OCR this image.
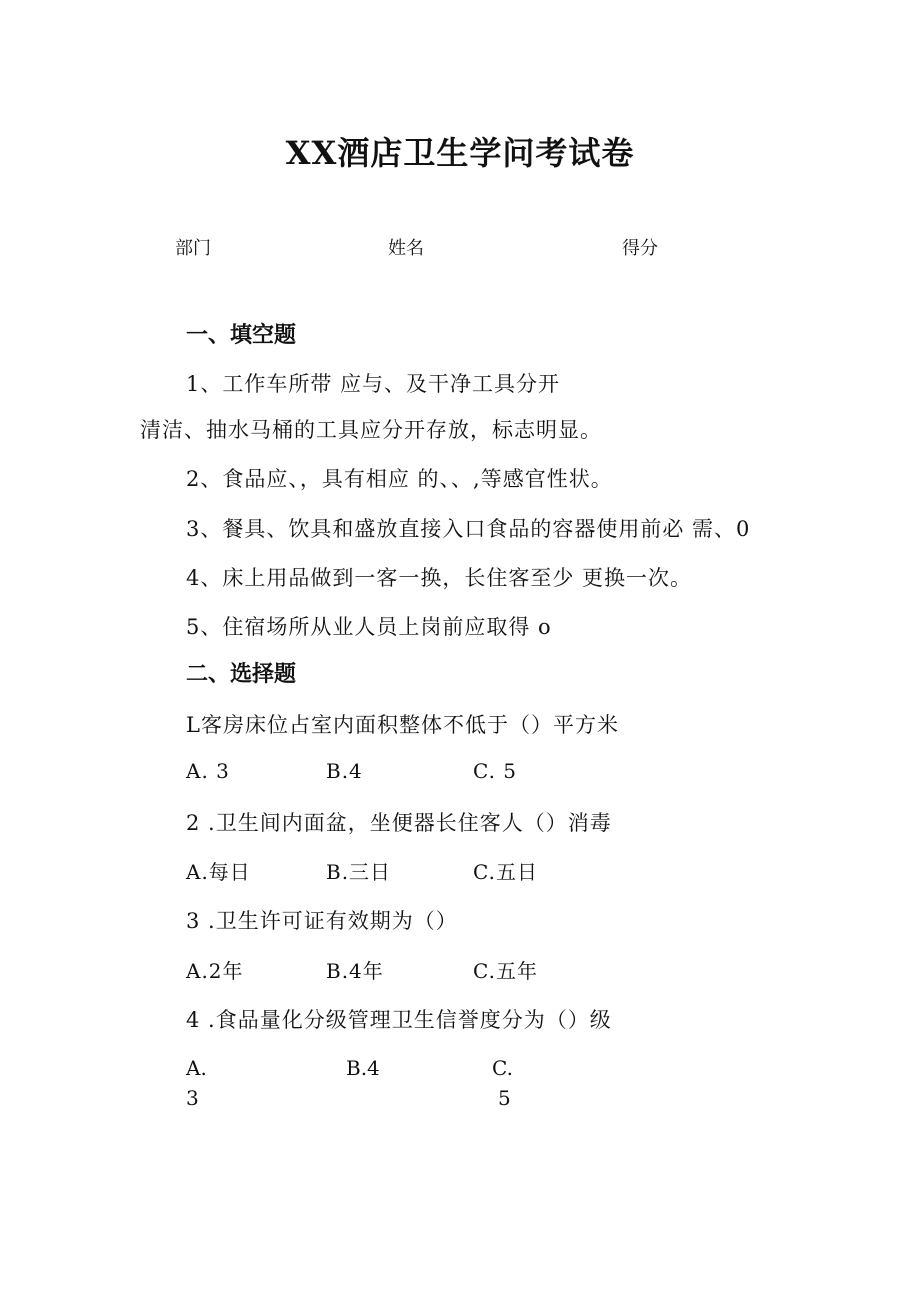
XX酒店卫生学问考试卷
部门	姓名	得分
一、填空题
1、工作车所带 应与、及干净工具分开
清洁、抽水马桶的工具应分开存放，标志明显。
2、食品应、，具有相应 的、、,等感官性状。
3、餐具、饮具和盛放直接入口食品的容器使用前必 需、0
4、床上用品做到一客一换，长住客至少 更换一次。
5、住宿场所从业人员上岗前应取得 o
二、选择题
L客房床位占室内面积整体不低于（）平方米
A. 3	B.4	C. 5
2 .卫生间内面盆，坐便器长住客人（）消毒
A.每日	B.三日	C.五日
3 .卫生许可证有效期为（）
A.2年	B.4年	C.五年
4 .食品量化分级管理卫生信誉度分为（）级
A.
3
B.4	C.
5
